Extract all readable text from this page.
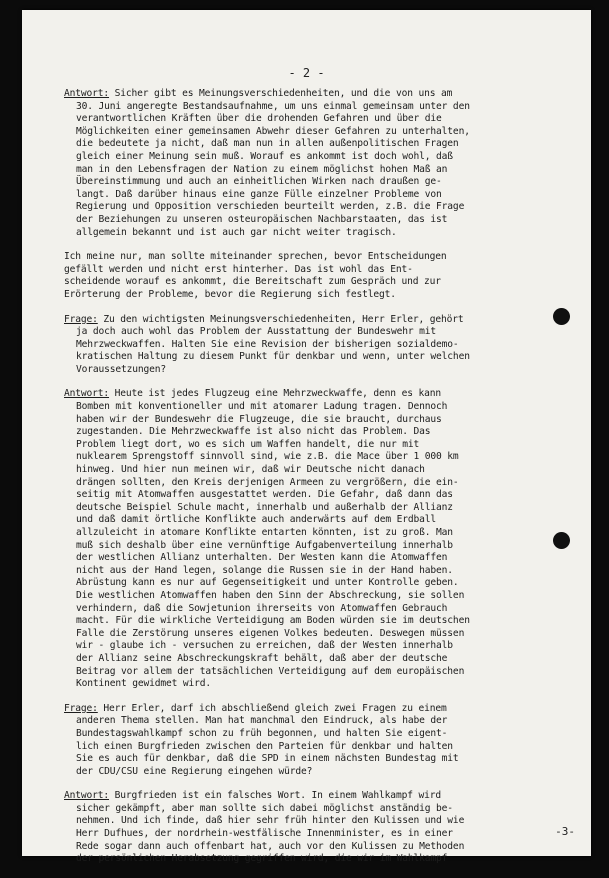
- 2 -
Antwort: Sicher gibt es Meinungsverschiedenheiten, und die von uns am
30. Juni angeregte Bestandsaufnahme, um uns einmal gemeinsam unter den
verantwortlichen Kräften über die drohenden Gefahren und über die
Möglichkeiten einer gemeinsamen Abwehr dieser Gefahren zu unterhalten,
die bedeutete ja nicht, daß man nun in allen außenpolitischen Fragen
gleich einer Meinung sein muß. Worauf es ankommt ist doch wohl, daß
man in den Lebensfragen der Nation zu einem möglichst hohen Maß an
Übereinstimmung und auch an einheitlichen Wirken nach draußen ge-
langt. Daß darüber hinaus eine ganze Fülle einzelner Probleme von
Regierung und Opposition verschieden beurteilt werden, z.B. die Frage
der Beziehungen zu unseren osteuropäischen Nachbarstaaten, das ist
allgemein bekannt und ist auch gar nicht weiter tragisch.
Ich meine nur, man sollte miteinander sprechen, bevor Entscheidungen
gefällt werden und nicht erst hinterher. Das ist wohl das Ent-
scheidende worauf es ankommt, die Bereitschaft zum Gespräch und zur
Erörterung der Probleme, bevor die Regierung sich festlegt.
Frage: Zu den wichtigsten Meinungsverschiedenheiten, Herr Erler, gehört
ja doch auch wohl das Problem der Ausstattung der Bundeswehr mit
Mehrzweckwaffen. Halten Sie eine Revision der bisherigen sozialdemo-
kratischen Haltung zu diesem Punkt für denkbar und wenn, unter welchen
Voraussetzungen?
Antwort: Heute ist jedes Flugzeug eine Mehrzweckwaffe, denn es kann
Bomben mit konventioneller und mit atomarer Ladung tragen. Dennoch
haben wir der Bundeswehr die Flugzeuge, die sie braucht, durchaus
zugestanden. Die Mehrzweckwaffe ist also nicht das Problem. Das
Problem liegt dort, wo es sich um Waffen handelt, die nur mit
nuklearem Sprengstoff sinnvoll sind, wie z.B. die Mace über 1 000 km
hinweg. Und hier nun meinen wir, daß wir Deutsche nicht danach
drängen sollten, den Kreis derjenigen Armeen zu vergrößern, die ein-
seitig mit Atomwaffen ausgestattet werden. Die Gefahr, daß dann das
deutsche Beispiel Schule macht, innerhalb und außerhalb der Allianz
und daß damit örtliche Konflikte auch anderwärts auf dem Erdball
allzuleicht in atomare Konflikte entarten könnten, ist zu groß. Man
muß sich deshalb über eine vernünftige Aufgabenverteilung innerhalb
der westlichen Allianz unterhalten. Der Westen kann die Atomwaffen
nicht aus der Hand legen, solange die Russen sie in der Hand haben.
Abrüstung kann es nur auf Gegenseitigkeit und unter Kontrolle geben.
Die westlichen Atomwaffen haben den Sinn der Abschreckung, sie sollen
verhindern, daß die Sowjetunion ihrerseits von Atomwaffen Gebrauch
macht. Für die wirkliche Verteidigung am Boden würden sie im deutschen
Falle die Zerstörung unseres eigenen Volkes bedeuten. Deswegen müssen
wir - glaube ich - versuchen zu erreichen, daß der Westen innerhalb
der Allianz seine Abschreckungskraft behält, daß aber der deutsche
Beitrag vor allem der tatsächlichen Verteidigung auf dem europäischen
Kontinent gewidmet wird.
Frage: Herr Erler, darf ich abschließend gleich zwei Fragen zu einem
anderen Thema stellen. Man hat manchmal den Eindruck, als habe der
Bundestagswahlkampf schon zu früh begonnen, und halten Sie eigent-
lich einen Burgfrieden zwischen den Parteien für denkbar und halten
Sie es auch für denkbar, daß die SPD in einem nächsten Bundestag mit
der CDU/CSU eine Regierung eingehen würde?
Antwort: Burgfrieden ist ein falsches Wort. In einem Wahlkampf wird
sicher gekämpft, aber man sollte sich dabei möglichst anständig be-
nehmen. Und ich finde, daß hier sehr früh hinter den Kulissen und wie
Herr Dufhues, der nordrhein-westfälische Innenminister, es in einer
Rede sogar dann auch offenbart hat, auch vor den Kulissen zu Methoden
der persönlichen Herabsetzung gegriffen wird, die wir im Wahlkampf
-3-
